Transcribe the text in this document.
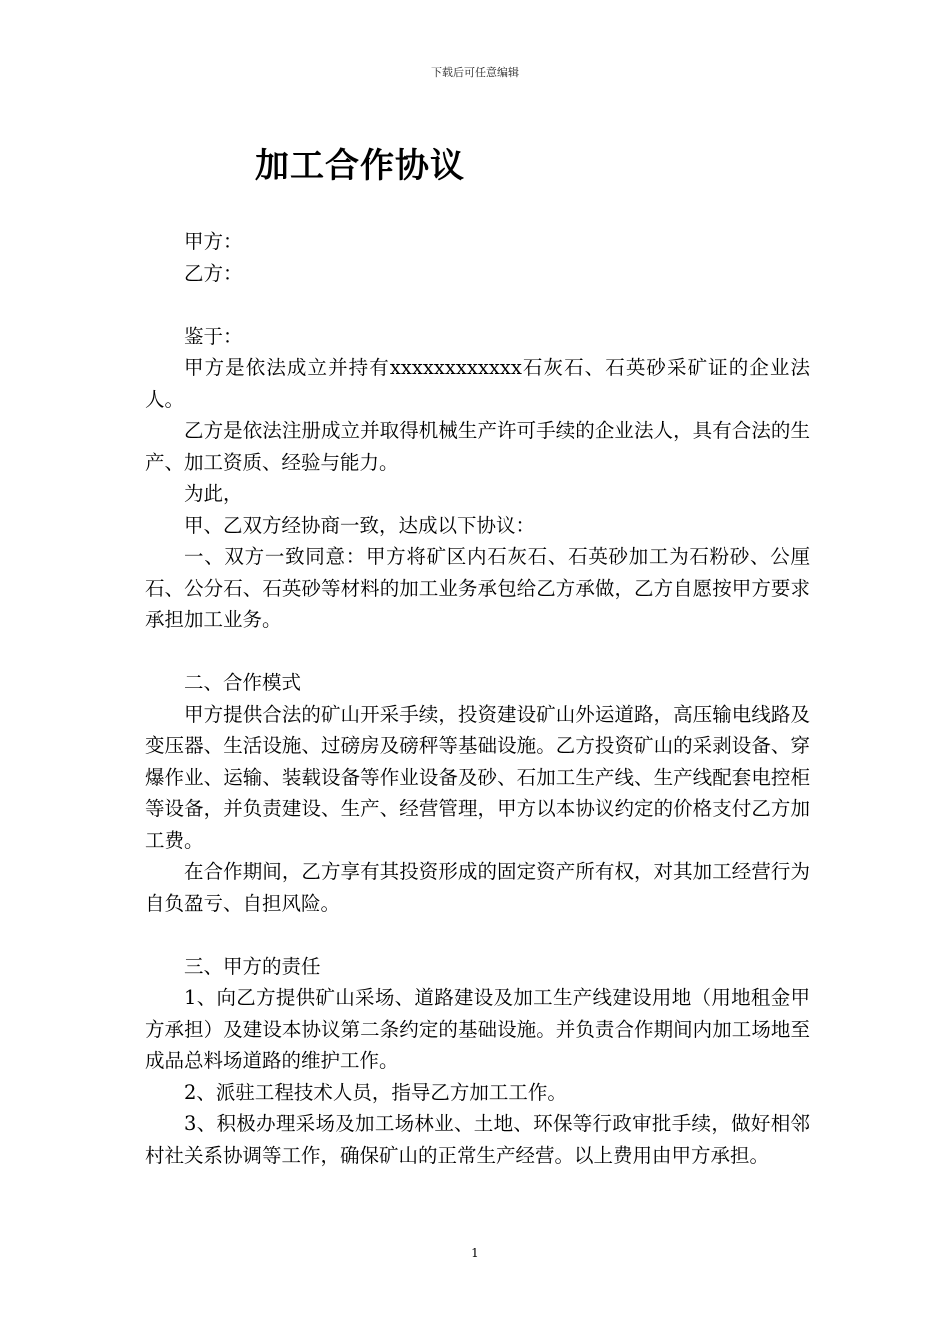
下载后可任意编辑
加工合作协议

甲方：

乙方：

鉴于：

甲方是依法成立并持有xxxxxxxxxxxx石灰石、石英砂采矿证的企业法人。

乙方是依法注册成立并取得机械生产许可手续的企业法人，具有合法的生产、加工资质、经验与能力。

为此，

甲、乙双方经协商一致，达成以下协议：

一、双方一致同意：甲方将矿区内石灰石、石英砂加工为石粉砂、公厘石、公分石、石英砂等材料的加工业务承包给乙方承做，乙方自愿按甲方要求承担加工业务。

二、合作模式

甲方提供合法的矿山开采手续，投资建设矿山外运道路，高压输电线路及变压器、生活设施、过磅房及磅秤等基础设施。乙方投资矿山的采剥设备、穿爆作业、运输、装载设备等作业设备及砂、石加工生产线、生产线配套电控柜等设备，并负责建设、生产、经营管理，甲方以本协议约定的价格支付乙方加工费。

在合作期间，乙方享有其投资形成的固定资产所有权，对其加工经营行为自负盈亏、自担风险。

三、甲方的责任

1、向乙方提供矿山采场、道路建设及加工生产线建设用地（用地租金甲方承担）及建设本协议第二条约定的基础设施。并负责合作期间内加工场地至成品总料场道路的维护工作。

2、派驻工程技术人员，指导乙方加工工作。

3、积极办理采场及加工场林业、土地、环保等行政审批手续，做好相邻村社关系协调等工作，确保矿山的正常生产经营。以上费用由甲方承担。

1
